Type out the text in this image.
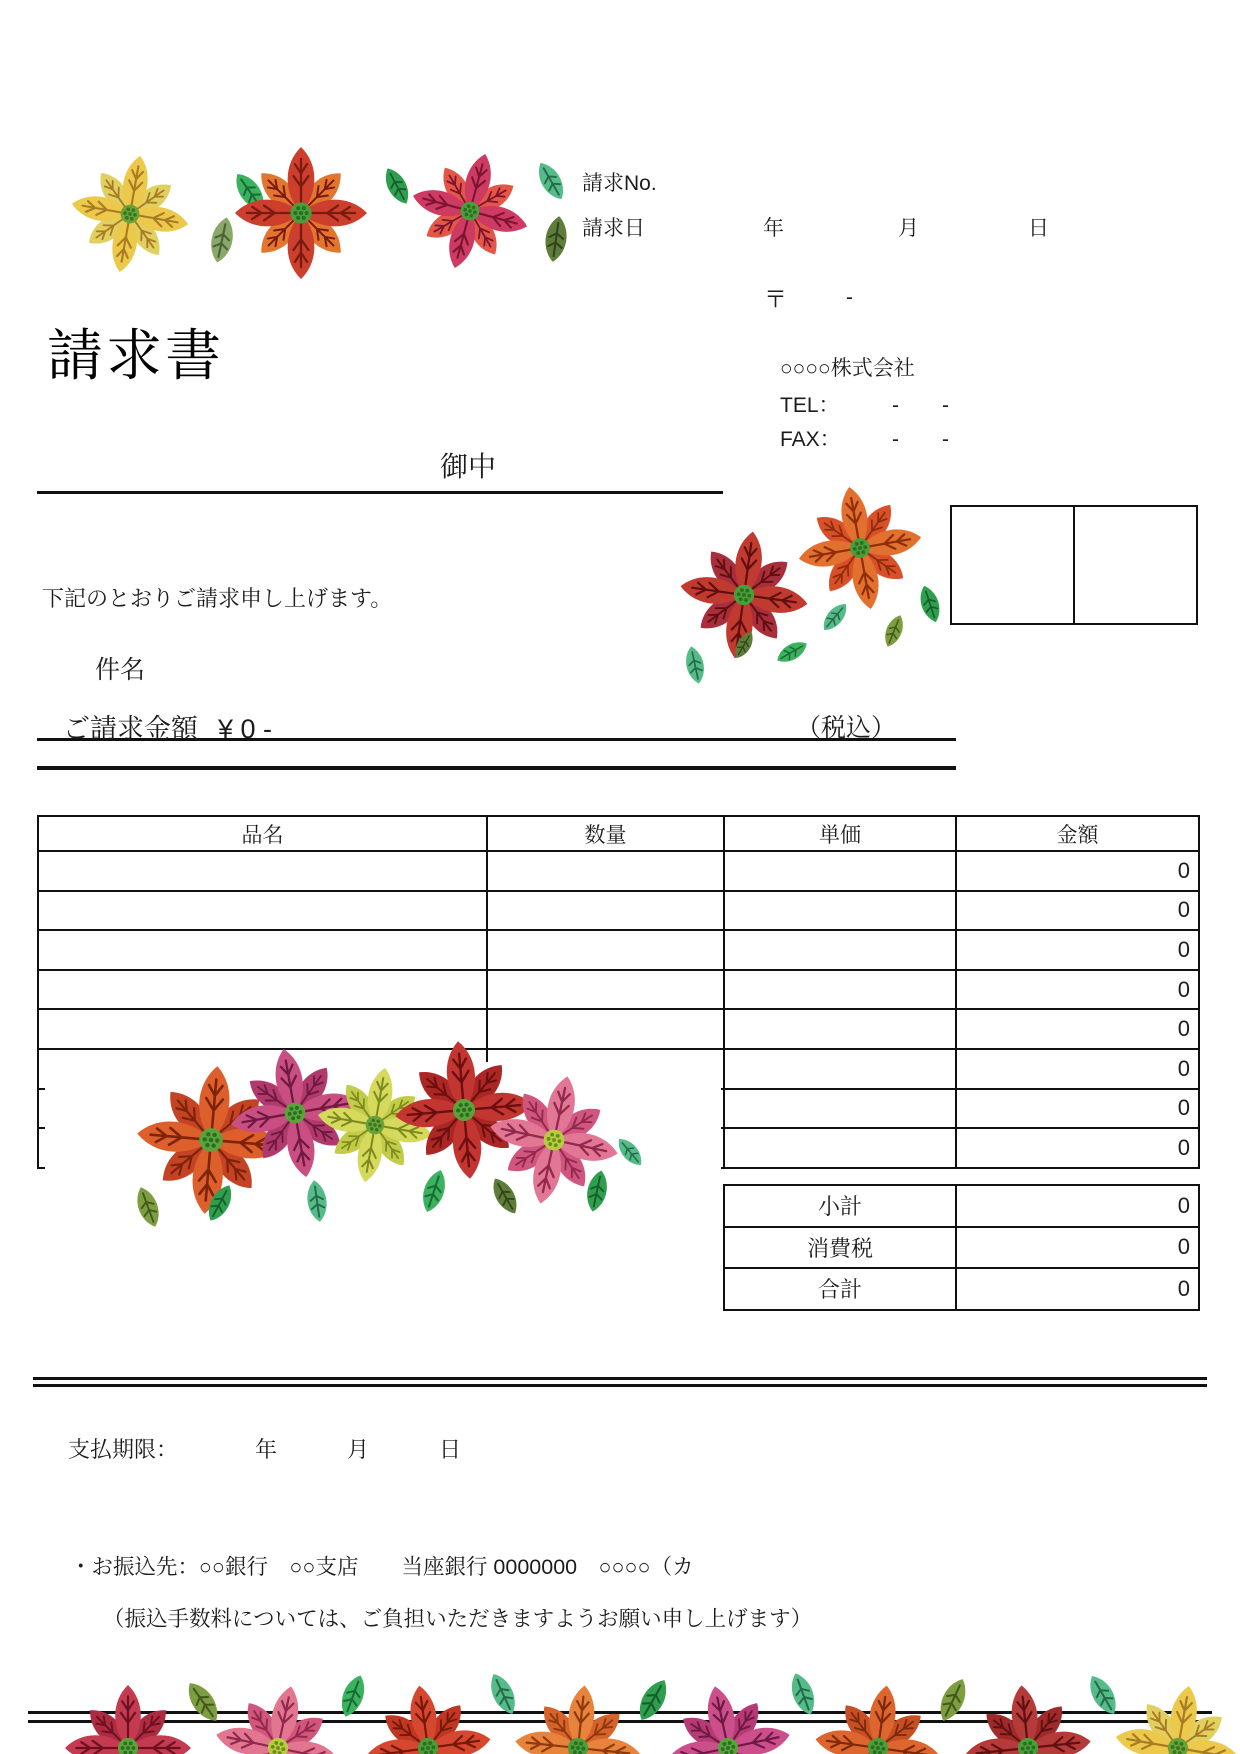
請求No.
請求日	年	月	日
〒	-
○○○○株式会社
TEL： - -
FAX： - -
請求書
御中
下記のとおりご請求申し上げます。
件名
ご請求金額 ¥ 0 -	（税込）
品名	数量	単価	金額
			0
			0
			0
			0
			0
			0
			0
			0
小計	0
消費税	0
合計	0
支払期限：	年	月	日
・お振込先：○○銀行　○○支店　　当座銀行 0000000　○○○○（カ
（振込手数料については、ご負担いただきますようお願い申し上げます）
